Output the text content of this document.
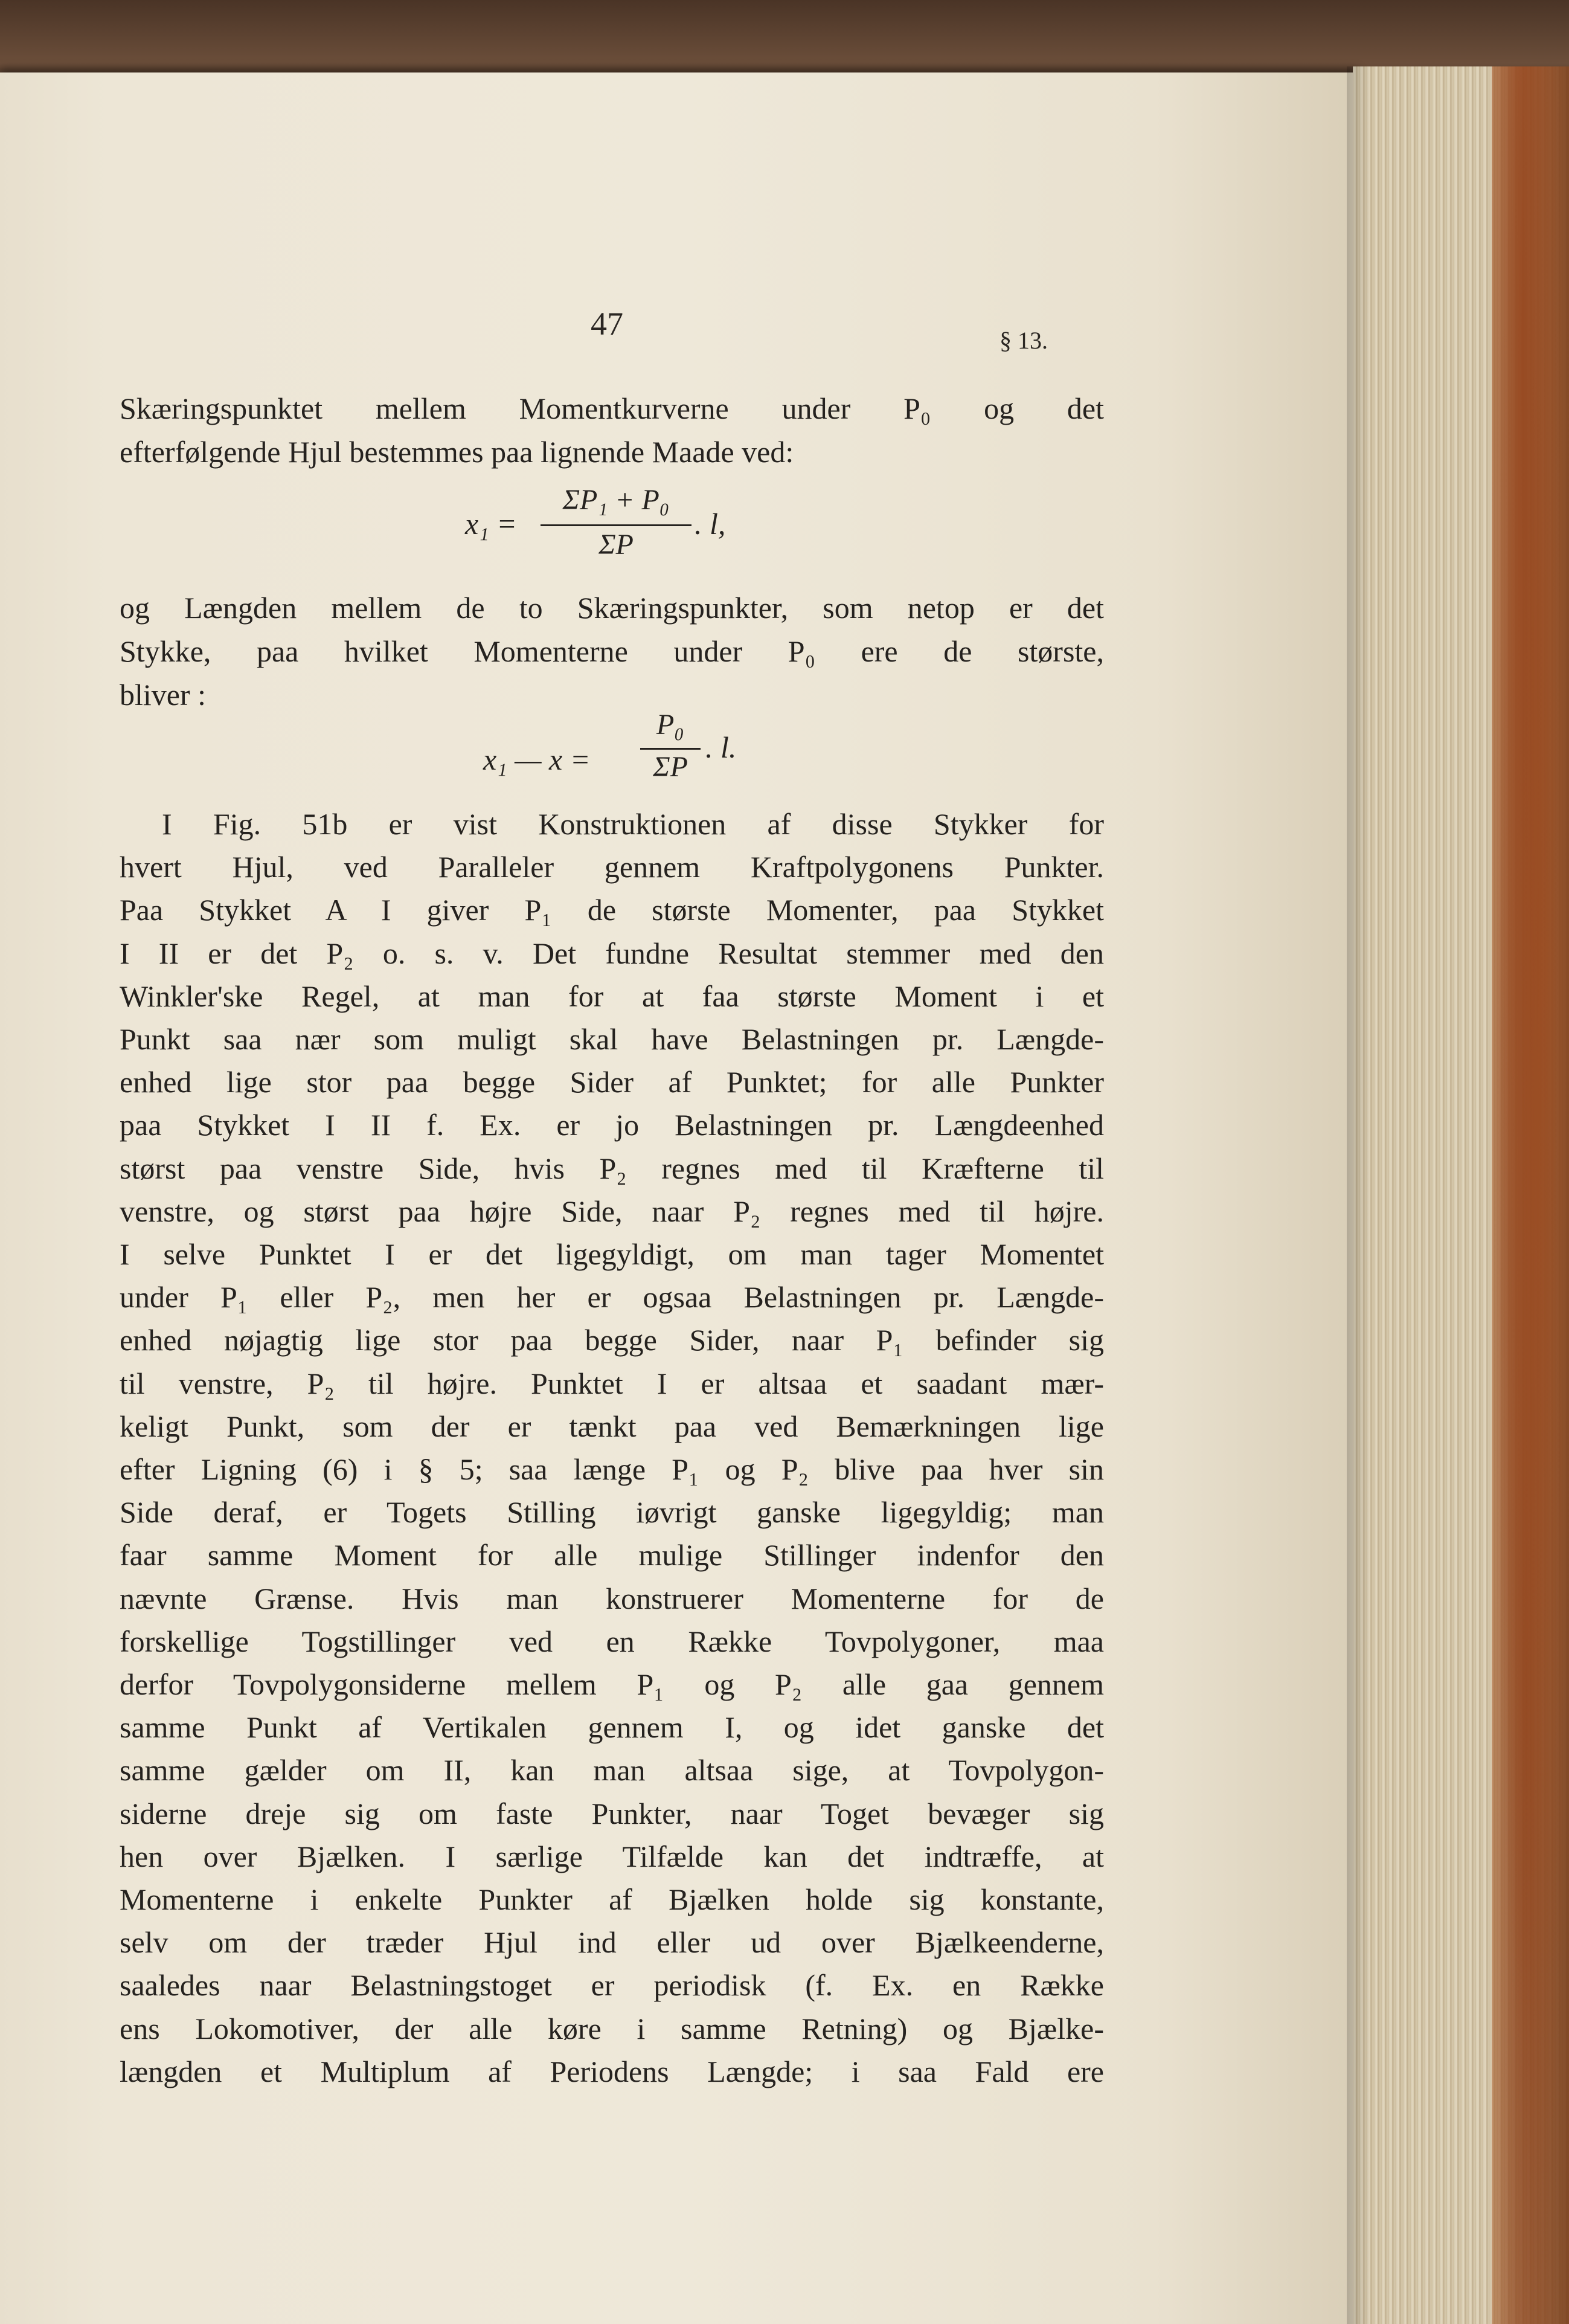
47	§ 13.
Skæringspunktet mellem Momentkurverne under P₀ og det
efterfølgende Hjul bestemmes paa lignende Maade ved:
x₁ =
ΣP₁ + P₀
ΣP
. l,
og Længden mellem de to Skæringspunkter, som netop er det
Stykke, paa hvilket Momenterne under P₀ ere de største,
bliver :
x₁ — x =
P₀
ΣP
. l.
I Fig. 51b er vist Konstruktionen af disse Stykker for
hvert Hjul, ved Paralleler gennem Kraftpolygonens Punkter.
Paa Stykket A I giver P₁ de største Momenter, paa Stykket
I II er det P₂ o. s. v. Det fundne Resultat stemmer med den
Winkler'ske Regel, at man for at faa største Moment i et
Punkt saa nær som muligt skal have Belastningen pr. Længde-
enhed lige stor paa begge Sider af Punktet; for alle Punkter
paa Stykket I II f. Ex. er jo Belastningen pr. Længdeenhed
størst paa venstre Side, hvis P₂ regnes med til Kræfterne til
venstre, og størst paa højre Side, naar P₂ regnes med til højre.
I selve Punktet I er det ligegyldigt, om man tager Momentet
under P₁ eller P₂, men her er ogsaa Belastningen pr. Længde-
enhed nøjagtig lige stor paa begge Sider, naar P₁ befinder sig
til venstre, P₂ til højre. Punktet I er altsaa et saadant mær-
keligt Punkt, som der er tænkt paa ved Bemærkningen lige
efter Ligning (6) i § 5; saa længe P₁ og P₂ blive paa hver sin
Side deraf, er Togets Stilling iøvrigt ganske ligegyldig; man
faar samme Moment for alle mulige Stillinger indenfor den
nævnte Grænse. Hvis man konstruerer Momenterne for de
forskellige Togstillinger ved en Række Tovpolygoner, maa
derfor Tovpolygonsiderne mellem P₁ og P₂ alle gaa gennem
samme Punkt af Vertikalen gennem I, og idet ganske det
samme gælder om II, kan man altsaa sige, at Tovpolygon-
siderne dreje sig om faste Punkter, naar Toget bevæger sig
hen over Bjælken. I særlige Tilfælde kan det indtræffe, at
Momenterne i enkelte Punkter af Bjælken holde sig konstante,
selv om der træder Hjul ind eller ud over Bjælkeenderne,
saaledes naar Belastningstoget er periodisk (f. Ex. en Række
ens Lokomotiver, der alle køre i samme Retning) og Bjælke-
længden et Multiplum af Periodens Længde; i saa Fald ere
